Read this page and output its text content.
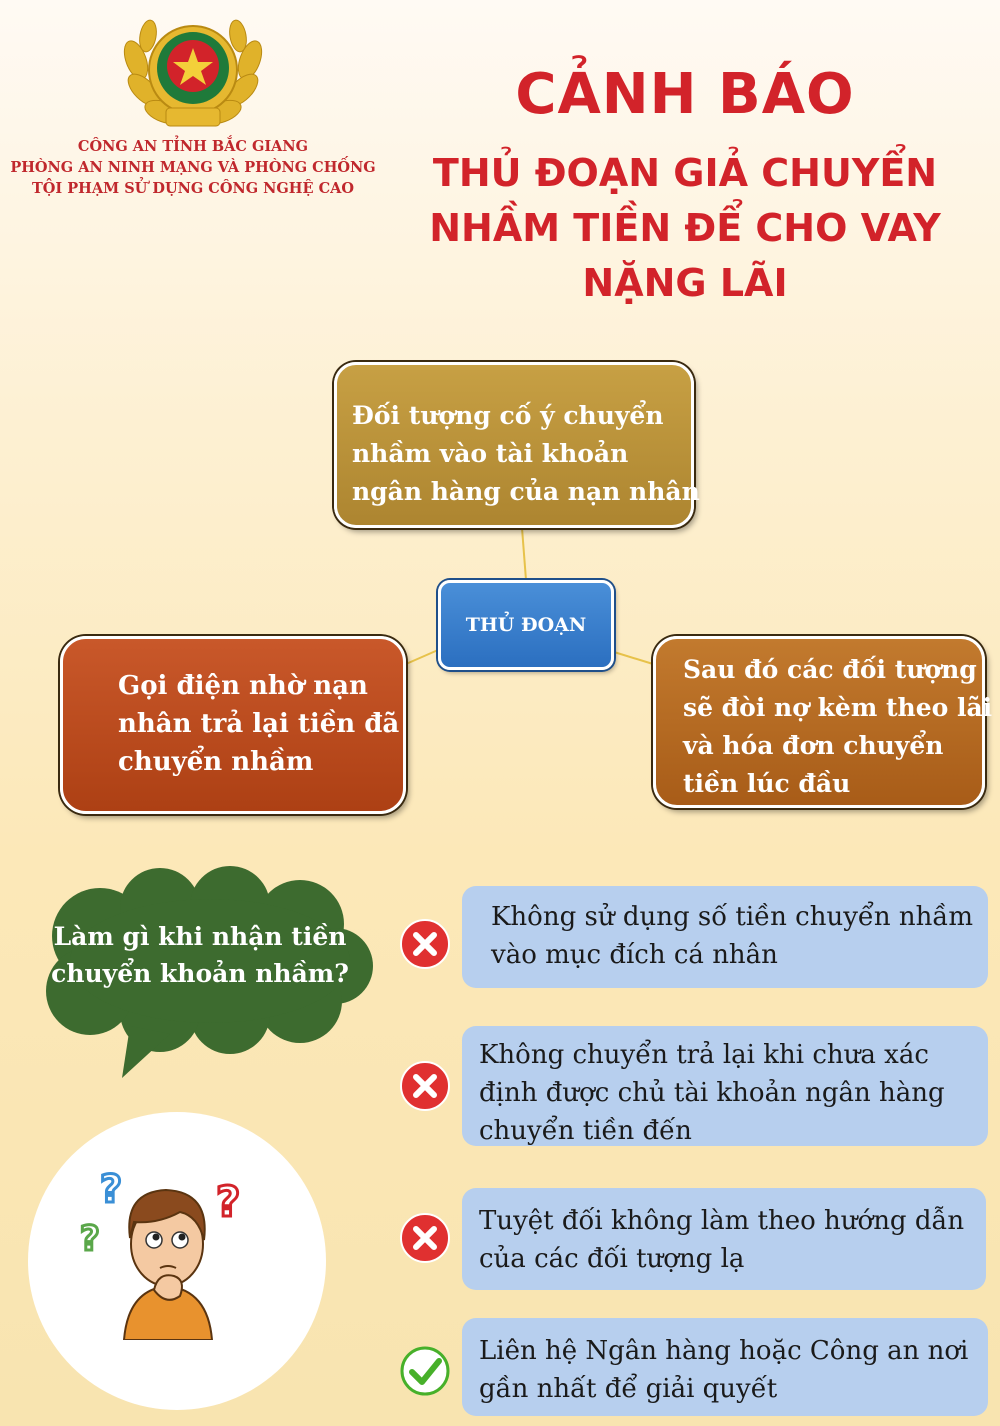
CÔNG AN TỈNH BẮC GIANG
PHÒNG AN NINH MẠNG VÀ PHÒNG CHỐNG
TỘI PHẠM SỬ DỤNG CÔNG NGHỆ CAO
CẢNH BÁO
THỦ ĐOẠN GIẢ CHUYỂN
NHẦM TIỀN ĐỂ CHO VAY
NẶNG LÃI
Đối tượng cố ý chuyển
nhầm vào tài khoản
ngân hàng của nạn nhân
THỦ ĐOẠN
Gọi điện nhờ nạn
nhân trả lại tiền đã
chuyển nhầm
Sau đó các đối tượng
sẽ đòi nợ kèm theo lãi
và hóa đơn chuyển
tiền lúc đầu
Làm gì khi nhận tiền
chuyển khoản nhầm?
?
?
?
Không sử dụng số tiền chuyển nhầm
vào mục đích cá nhân
Không chuyển trả lại khi chưa xác
định được chủ tài khoản ngân hàng
chuyển tiền đến
Tuyệt đối không làm theo hướng dẫn
của các đối tượng lạ
Liên hệ Ngân hàng hoặc Công an nơi
gần nhất để giải quyết
